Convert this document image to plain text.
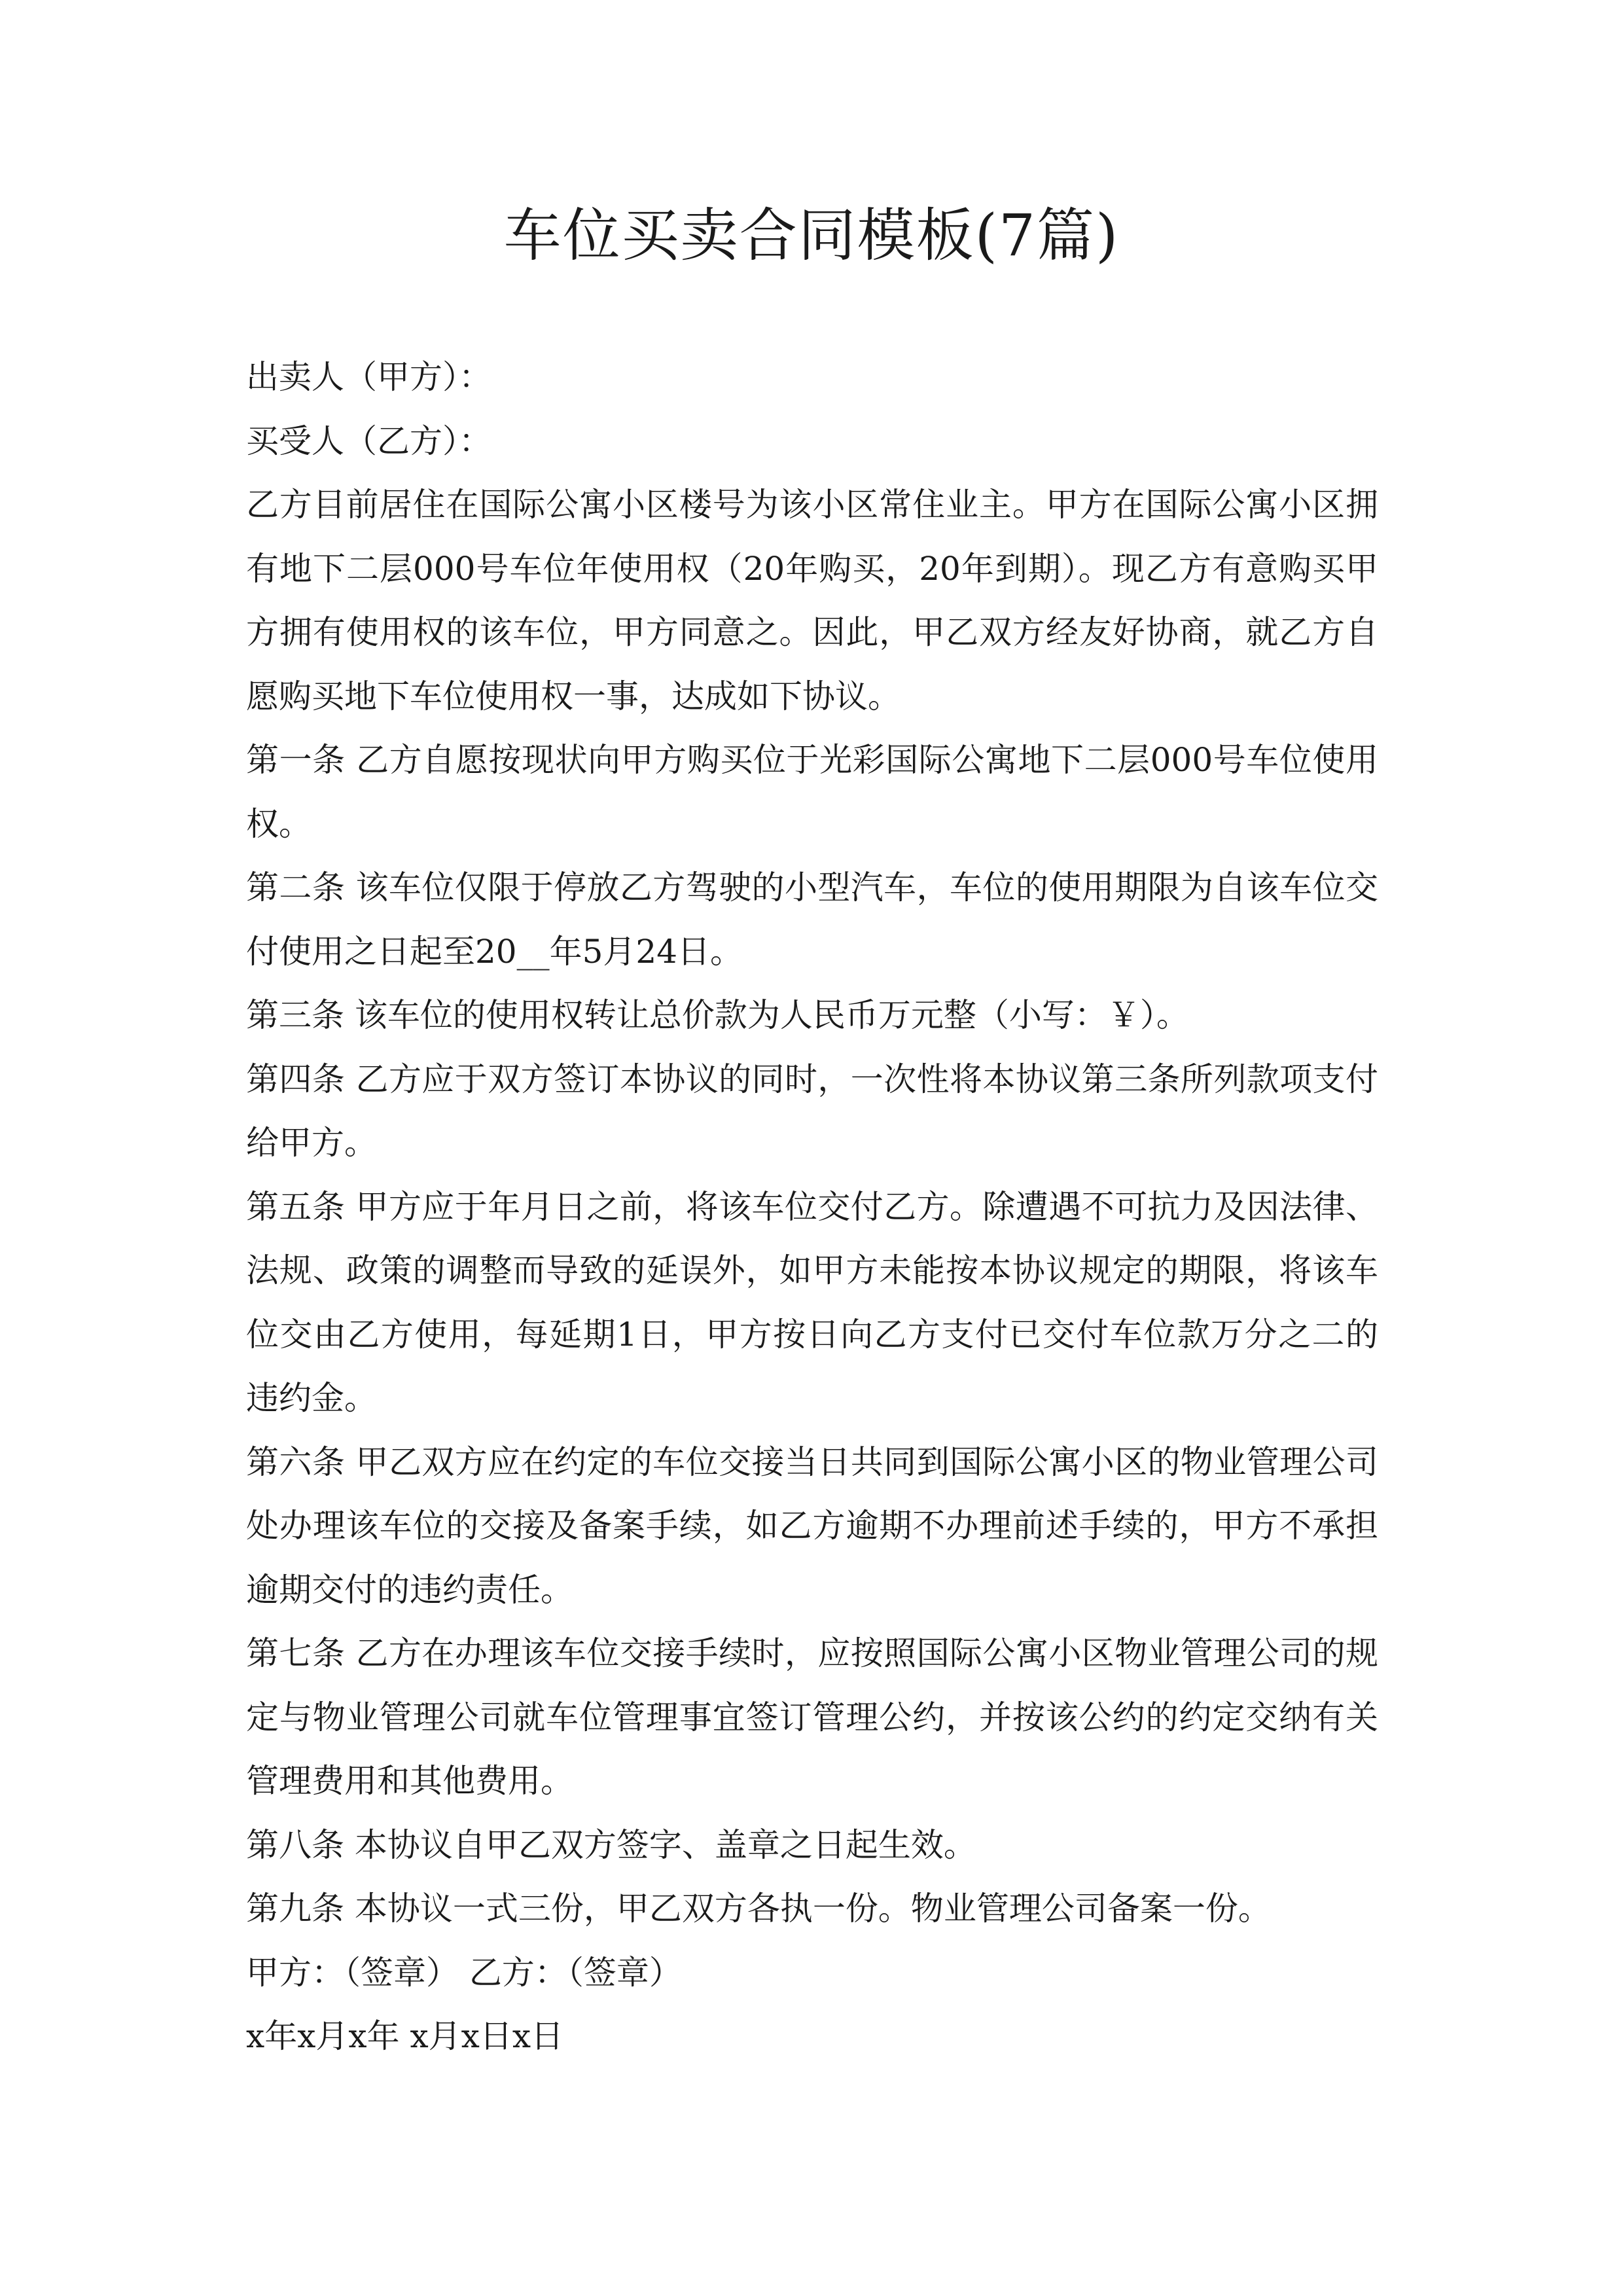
车位买卖合同模板(7篇)

出卖人（甲方）：

买受人（乙方）：

乙方目前居住在国际公寓小区楼号为该小区常住业主。甲方在国际公寓小区拥有地下二层000号车位年使用权（20年购买，20年到期）。现乙方有意购买甲方拥有使用权的该车位，甲方同意之。因此，甲乙双方经友好协商，就乙方自愿购买地下车位使用权一事，达成如下协议。

第一条 乙方自愿按现状向甲方购买位于光彩国际公寓地下二层000号车位使用权。

第二条 该车位仅限于停放乙方驾驶的小型汽车，车位的使用期限为自该车位交付使用之日起至20__年5月24日。

第三条 该车位的使用权转让总价款为人民币万元整（小写：￥）。

第四条 乙方应于双方签订本协议的同时，一次性将本协议第三条所列款项支付给甲方。

第五条 甲方应于年月日之前，将该车位交付乙方。除遭遇不可抗力及因法律、法规、政策的调整而导致的延误外，如甲方未能按本协议规定的期限，将该车位交由乙方使用，每延期1日，甲方按日向乙方支付已交付车位款万分之二的违约金。

第六条 甲乙双方应在约定的车位交接当日共同到国际公寓小区的物业管理公司处办理该车位的交接及备案手续，如乙方逾期不办理前述手续的，甲方不承担逾期交付的违约责任。

第七条 乙方在办理该车位交接手续时，应按照国际公寓小区物业管理公司的规定与物业管理公司就车位管理事宜签订管理公约，并按该公约的约定交纳有关管理费用和其他费用。

第八条 本协议自甲乙双方签字、盖章之日起生效。

第九条 本协议一式三份，甲乙双方各执一份。物业管理公司备案一份。

甲方：（签章） 乙方：（签章）

x年x月x年 x月x日x日
